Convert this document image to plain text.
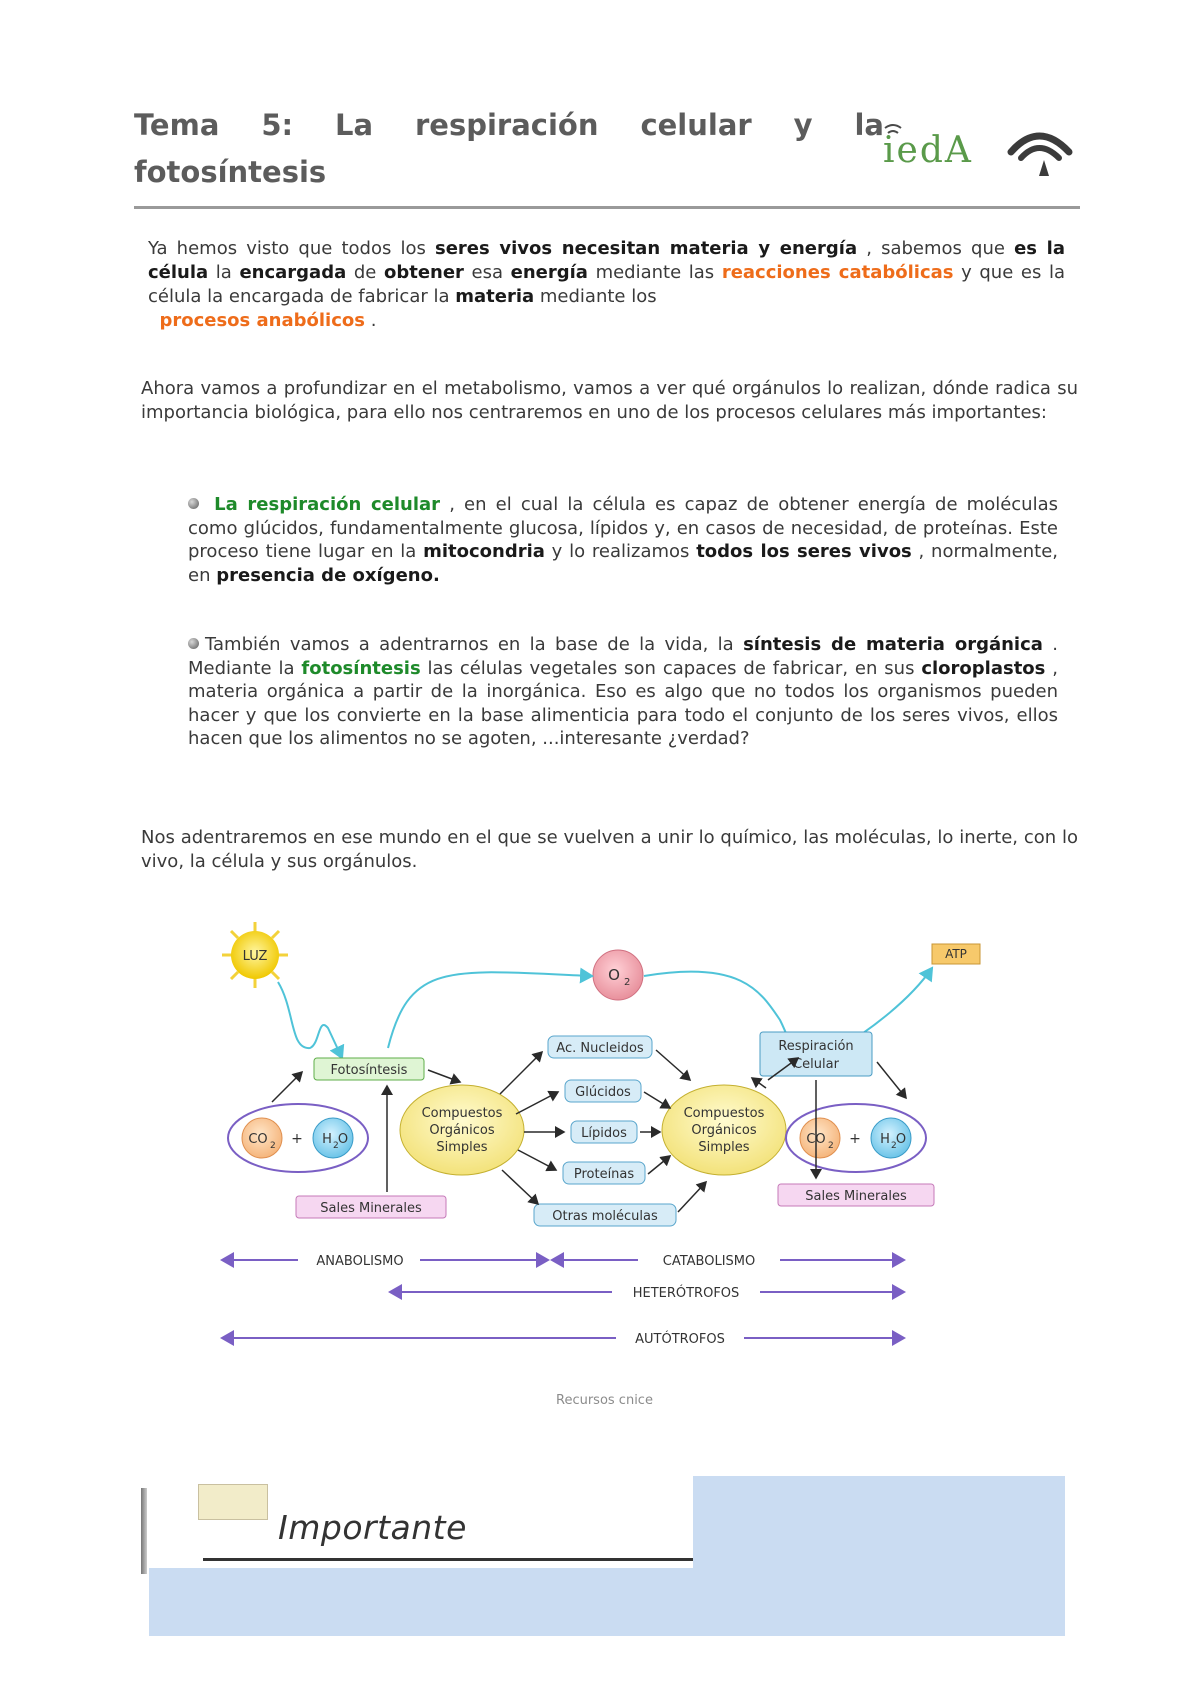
Tema 5: La respiración celular y la
fotosíntesis
iedA
Ya hemos visto que todos los seres vivos necesitan materia y energía , sabemos que es la célula la encargada de obtener esa energía mediante las reacciones catabólicas y que es la célula la encargada de fabricar la materia mediante los
procesos anabólicos .
Ahora vamos a profundizar en el metabolismo, vamos a ver qué orgánulos lo realizan, dónde radica su importancia biológica, para ello nos centraremos en uno de los procesos celulares más importantes:
La respiración celular , en el cual la célula es capaz de obtener energía de moléculas como glúcidos, fundamentalmente glucosa, lípidos y, en casos de necesidad, de proteínas. Este proceso tiene lugar en la mitocondria y lo realizamos todos los seres vivos , normalmente, en presencia de oxígeno.
También vamos a adentrarnos en la base de la vida, la síntesis de materia orgánica . Mediante la fotosíntesis las células vegetales son capaces de fabricar, en sus cloroplastos , materia orgánica a partir de la inorgánica. Eso es algo que no todos los organismos pueden hacer y que los convierte en la base alimenticia para todo el conjunto de los seres vivos, ellos hacen que los alimentos no se agoten, ...interesante ¿verdad?
Nos adentraremos en ese mundo en el que se vuelven a unir lo químico, las moléculas, lo inerte, con lo vivo, la célula y sus orgánulos.
LUZ
O 2
ATP
Fotosíntesis
Respiración
Celular
Compuestos
Orgánicos
Simples
Compuestos
Orgánicos
Simples
Ac. Nucleidos
Glúcidos
Lípidos
Proteínas
Otras moléculas
CO 2 + H 2 O	CO 2 + H 2 O
Sales Minerales
Sales Minerales
ANABOLISMO	CATABOLISMO
HETERÓTROFOS
AUTÓTROFOS
Recursos cnice
Importante
